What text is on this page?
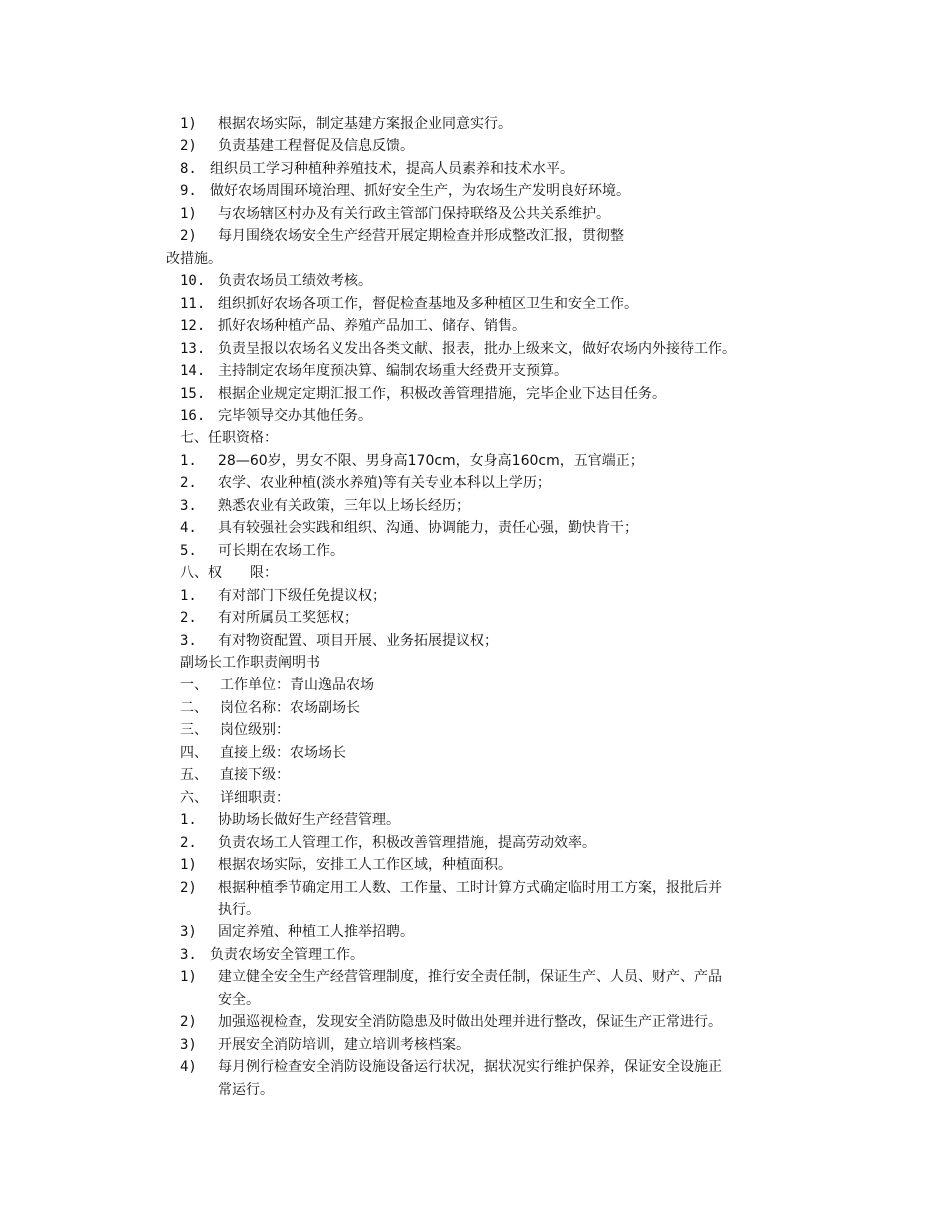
1) 根据农场实际，制定基建方案报企业同意实行。
2) 负责基建工程督促及信息反馈。
8. 组织员工学习种植种养殖技术，提高人员素养和技术水平。
9. 做好农场周围环境治理、抓好安全生产，为农场生产发明良好环境。
1) 与农场辖区村办及有关行政主管部门保持联络及公共关系维护。
2) 每月围绕农场安全生产经营开展定期检查并形成整改汇报，贯彻整
改措施。
10. 负责农场员工绩效考核。
11. 组织抓好农场各项工作，督促检查基地及多种植区卫生和安全工作。
12. 抓好农场种植产品、养殖产品加工、储存、销售。
13. 负责呈报以农场名义发出各类文献、报表，批办上级来文，做好农场内外接待工作。
14. 主持制定农场年度预决算、编制农场重大经费开支预算。
15. 根据企业规定定期汇报工作，积极改善管理措施，完毕企业下达目任务。
16. 完毕领导交办其他任务。
七、任职资格：
1. 28—60岁，男女不限、男身高170cm，女身高160cm，五官端正；
2. 农学、农业种植(淡水养殖)等有关专业本科以上学历；
3. 熟悉农业有关政策，三年以上场长经历；
4. 具有较强社会实践和组织、沟通、协调能力，责任心强，勤快肯干；
5. 可长期在农场工作。
八、权　　限：
1. 有对部门下级任免提议权；
2. 有对所属员工奖惩权；
3. 有对物资配置、项目开展、业务拓展提议权；
副场长工作职责阐明书
一、 工作单位：青山逸品农场
二、 岗位名称：农场副场长
三、 岗位级别：
四、 直接上级：农场场长
五、 直接下级：
六、 详细职责：
1. 协助场长做好生产经营管理。
2. 负责农场工人管理工作，积极改善管理措施，提高劳动效率。
1) 根据农场实际，安排工人工作区域，种植面积。
2) 根据种植季节确定用工人数、工作量、工时计算方式确定临时用工方案，报批后并
执行。
3) 固定养殖、种植工人推举招聘。
3. 负责农场安全管理工作。
1) 建立健全安全生产经营管理制度，推行安全责任制，保证生产、人员、财产、产品
安全。
2) 加强巡视检查，发现安全消防隐患及时做出处理并进行整改，保证生产正常进行。
3) 开展安全消防培训，建立培训考核档案。
4) 每月例行检查安全消防设施设备运行状况，据状况实行维护保养，保证安全设施正
常运行。
